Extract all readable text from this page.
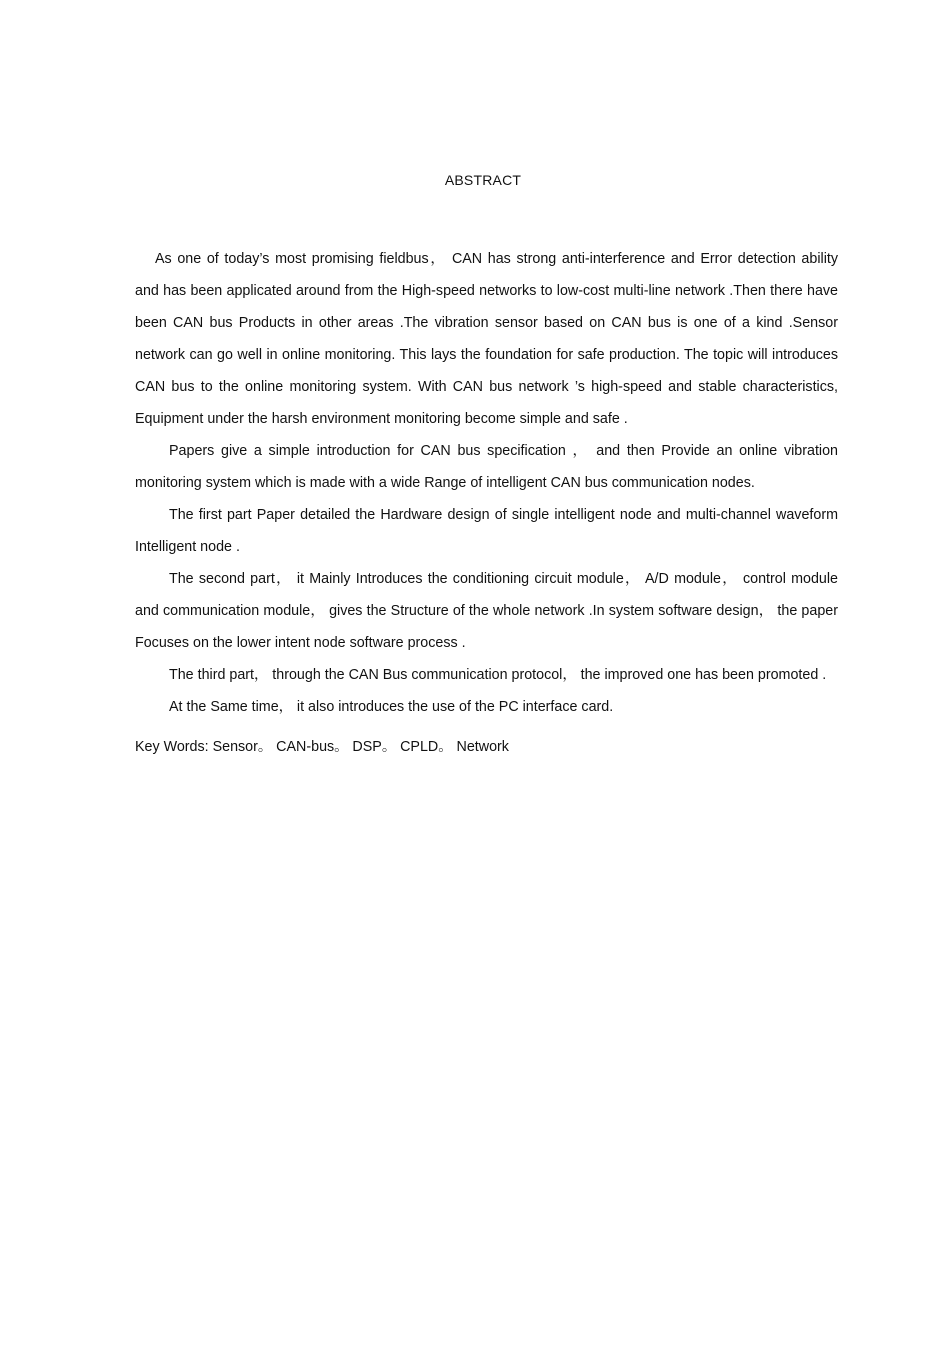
ABSTRACT

As one of today’s most promising fieldbus， CAN has strong anti-interference and Error detection ability and has been applicated around from the High-speed networks to low-cost multi-line network .Then there have been CAN bus Products in other areas .The vibration sensor based on CAN bus is one of a kind .Sensor network can go well in online monitoring. This lays the foundation for safe production. The topic will introduces CAN bus to the online monitoring system. With CAN bus network ’s high-speed and stable characteristics, Equipment under the harsh environment monitoring become simple and safe .

Papers give a simple introduction for CAN bus specification ， and then Provide an online vibration monitoring system which is made with a wide Range of intelligent CAN bus communication nodes.

The first part Paper detailed the Hardware design of single intelligent node and multi-channel waveform Intelligent node .

The second part， it Mainly Introduces the conditioning circuit module， A/D module， control module and communication module， gives the Structure of the whole network .In system software design， the paper Focuses on the lower intent node software process .

The third part， through the CAN Bus communication protocol， the improved one has been promoted .

At the Same time， it also introduces the use of the PC interface card.

Key Words: Sensor。 CAN-bus。 DSP。 CPLD。 Network
